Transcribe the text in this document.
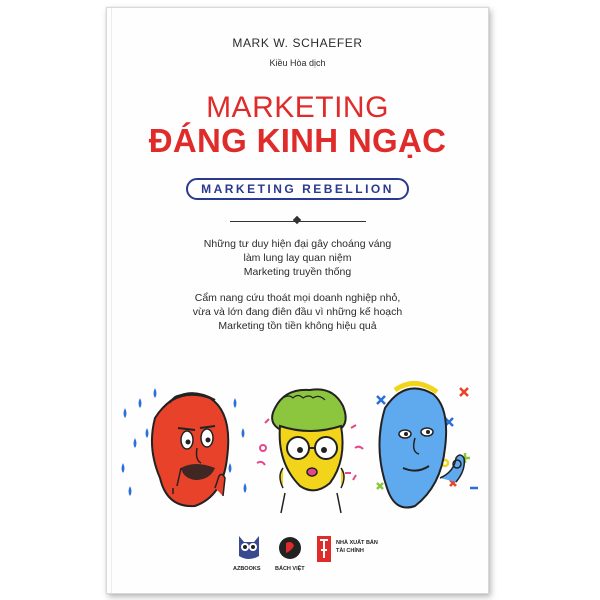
MARK W. SCHAEFER
Kiều Hòa dịch
MARKETING
ĐÁNG KINH NGẠC
MARKETING REBELLION
Những tư duy hiện đại gây choáng váng
làm lung lay quan niệm
Marketing truyền thống
Cẩm nang cứu thoát mọi doanh nghiệp nhỏ,
vừa và lớn đang điên đầu vì những kế hoạch
Marketing tồn tiền không hiệu quả
AZBOOKS	BÁCH VIỆT
NHÀ XUẤT BẢN
TÀI CHÍNH
